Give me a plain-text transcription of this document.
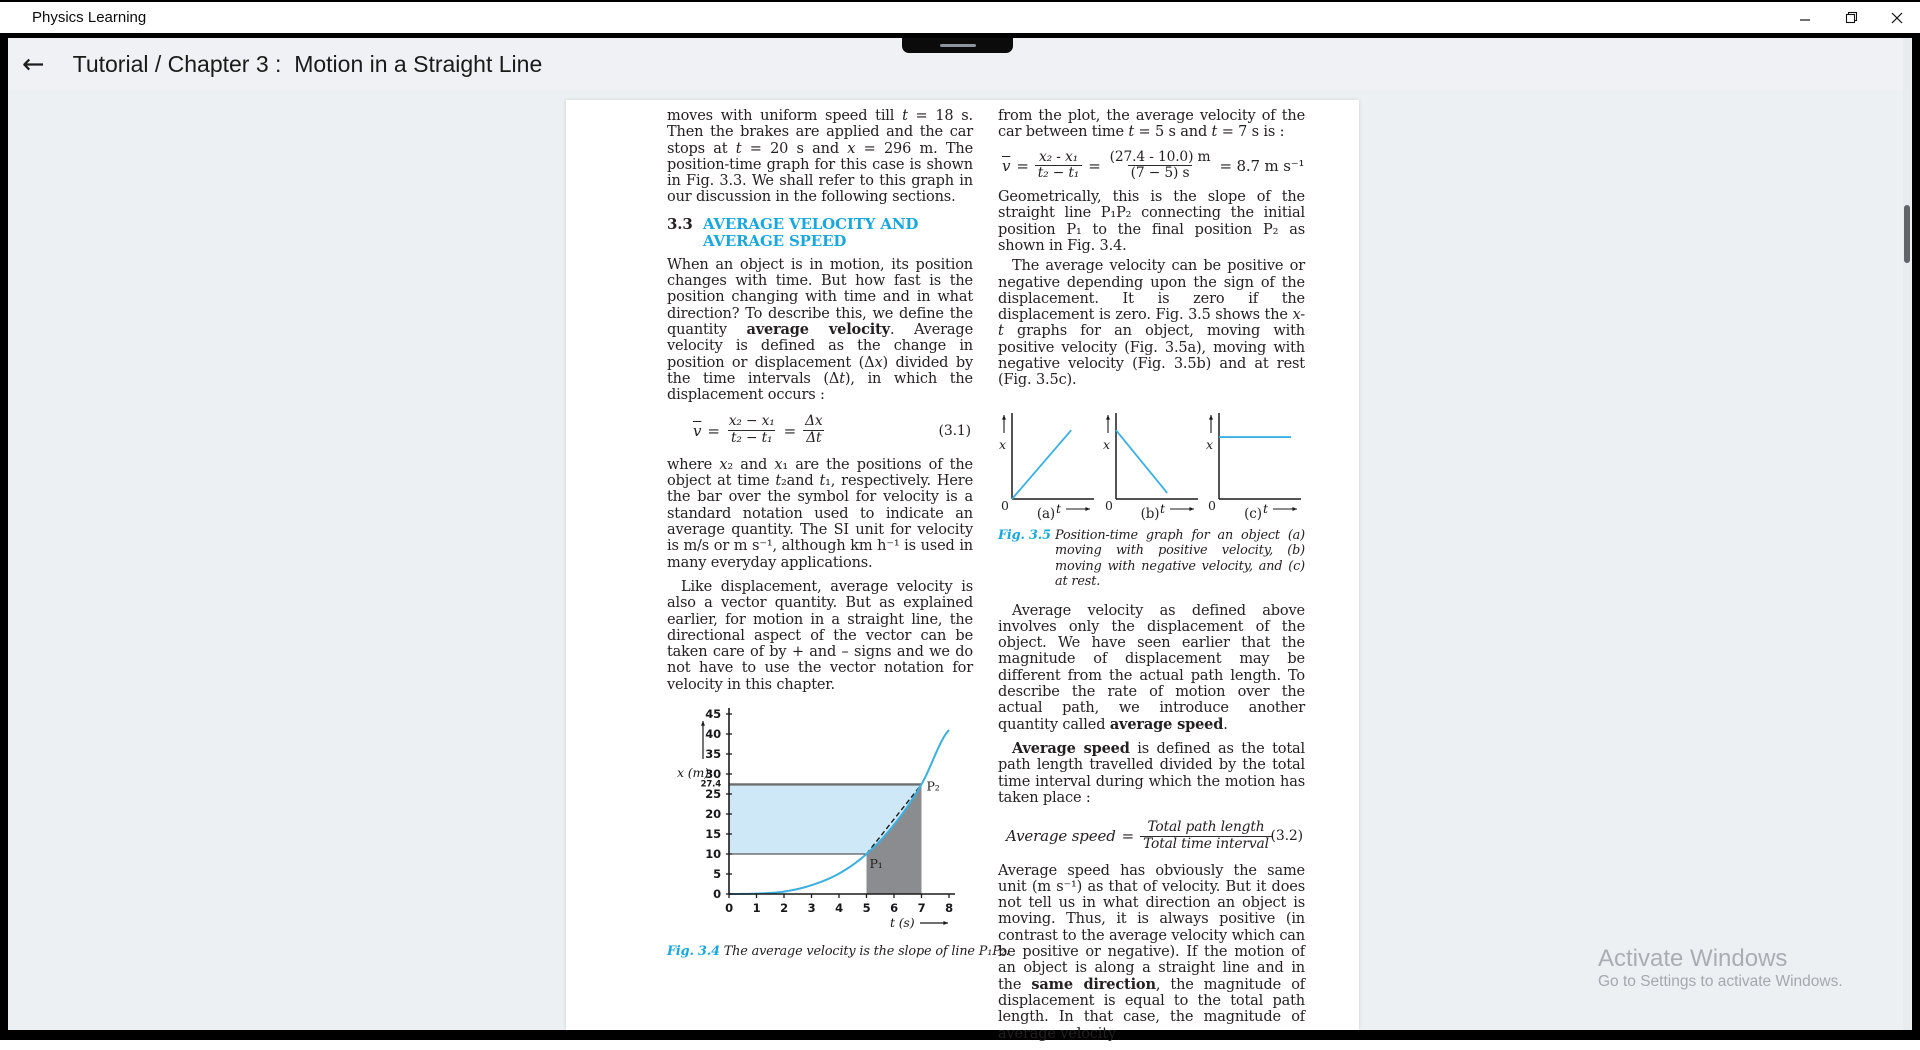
Physics Learning
← Tutorial / Chapter 3 :  Motion in a Straight Line

moves with uniform speed till t = 18 s. Then the brakes are applied and the car stops at t = 20 s and x = 296 m. The position-time graph for this case is shown in Fig. 3.3. We shall refer to this graph in our discussion in the following sections.

3.3 AVERAGE VELOCITY AND AVERAGE SPEED

When an object is in motion, its position changes with time. But how fast is the position changing with time and in what direction? To describe this, we define the quantity average velocity. Average velocity is defined as the change in position or displacement (Δx) divided by the time intervals (Δt), in which the displacement occurs :

$\overline{v} = \frac{\text{x₂ − x₁}}{\text{t₂ − t₁}} = \frac{\Delta x}{\Delta t}$	(3.1)

where x₂ and x₁ are the positions of the object at time t₂and t₁, respectively. Here the bar over the symbol for velocity is a standard notation used to indicate an average quantity. The SI unit for velocity is m/s or m s⁻¹, although km h⁻¹ is used in many everyday applications.

Like displacement, average velocity is also a vector quantity. But as explained earlier, for motion in a straight line, the directional aspect of the vector can be taken care of by + and – signs and we do not have to use the vector notation for velocity in this chapter.

0
5
10
15
20
25
30
35
40
45
27.4
0 1 2 3 4 5 6 7 8
P₁
P₂
x (m)
t (s)
Fig. 3.4 The average velocity is the slope of line P₁P₂.

from the plot, the average velocity of the car between time t = 5 s and t = 7 s is :

$\overline{v} = \frac{\text{x₂ - x₁}}{\text{t₂ − t₁}} = \frac{(27.4 - 10.0) m}{(7 - 5) s} = 8.7$ m s⁻¹

Geometrically, this is the slope of the straight line P₁P₂ connecting the initial position P₁ to the final position P₂ as shown in Fig. 3.4.

The average velocity can be positive or negative depending upon the sign of the displacement. It is zero if the displacement is zero. Fig. 3.5 shows the x-t graphs for an object, moving with positive velocity (Fig. 3.5a), moving with negative velocity (Fig. 3.5b) and at rest (Fig. 3.5c).

x
0	t
(a)
x
0	t
(b)
x
0	t
(c)
Fig. 3.5 Position-time graph for an object (a) moving with positive velocity, (b) moving with negative velocity, and (c) at rest.

Average velocity as defined above involves only the displacement of the object. We have seen earlier that the magnitude of displacement may be different from the actual path length. To describe the rate of motion over the actual path, we introduce another quantity called average speed.

Average speed is defined as the total path length travelled divided by the total time interval during which the motion has taken place :

Average speed = $\frac{\text{Total path length}}{\text{Total time interval}}$
(3.2)

Average speed has obviously the same unit (m s⁻¹) as that of velocity. But it does not tell us in what direction an object is moving. Thus, it is always positive (in contrast to the average velocity which can be positive or negative). If the motion of an object is along a straight line and in the same direction, the magnitude of displacement is equal to the total path length. In that case, the magnitude of average velocity

Activate Windows
Go to Settings to activate Windows.
